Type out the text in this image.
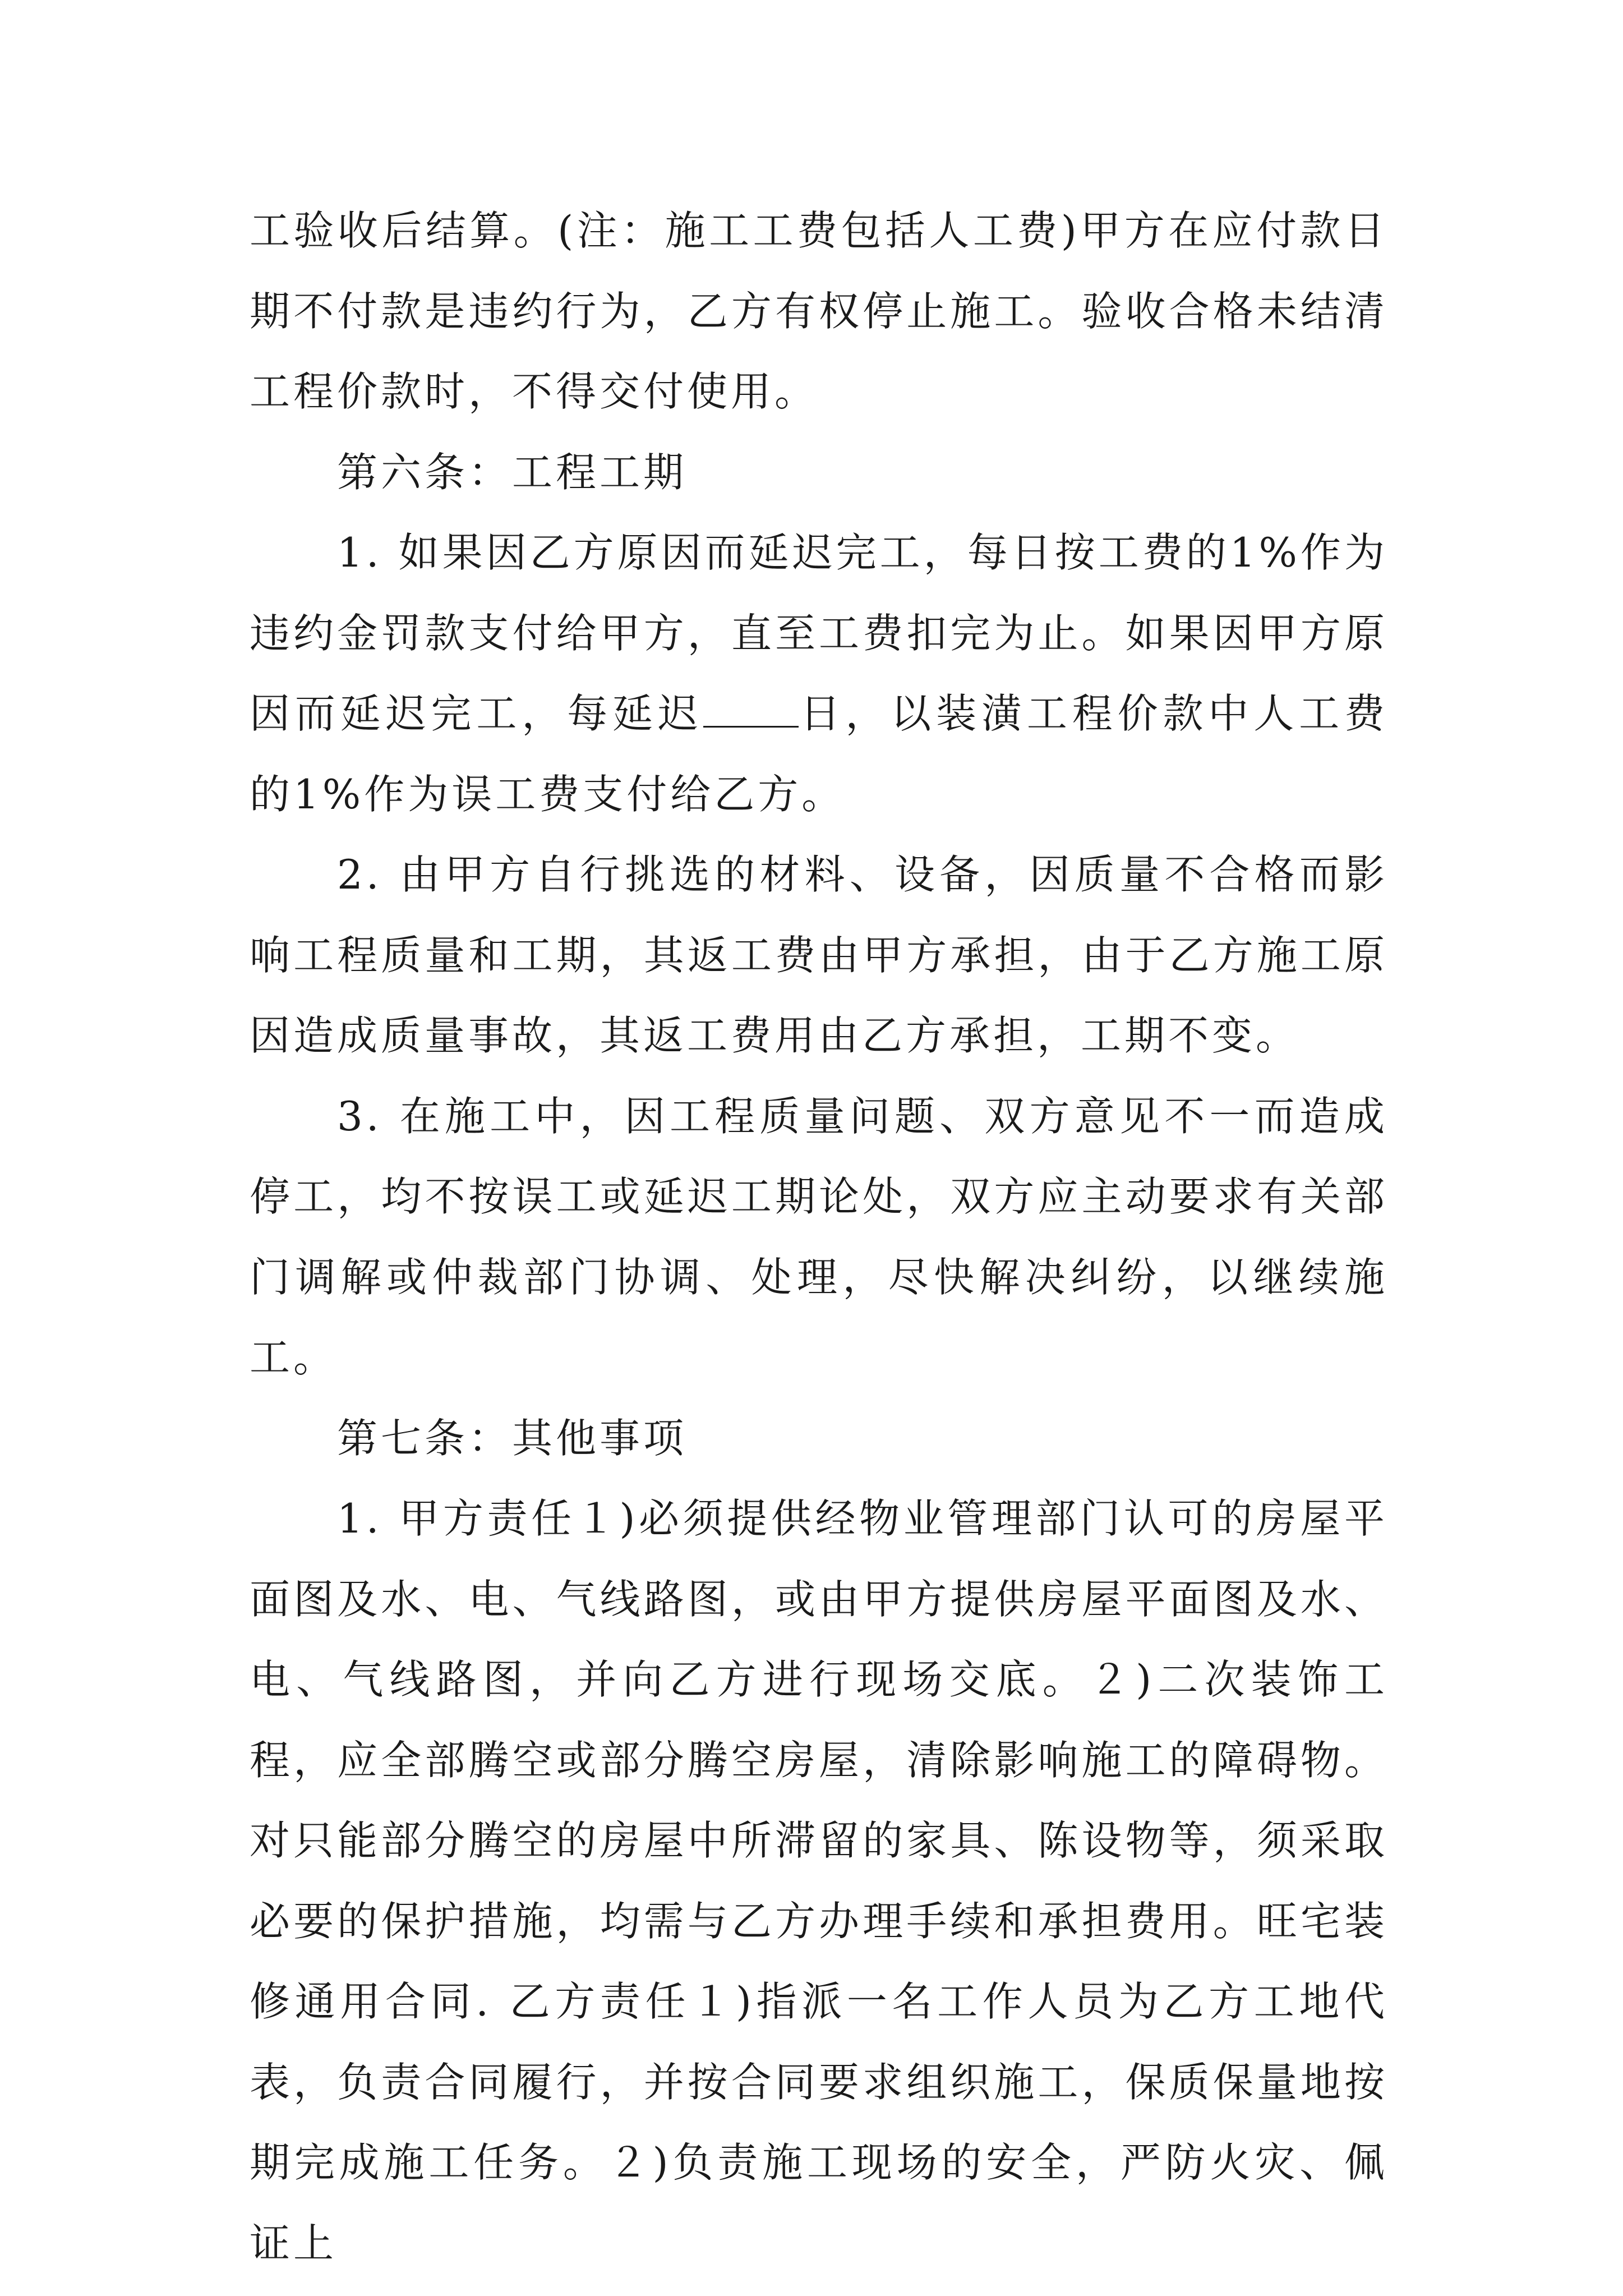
工验收后结算。(注：施工工费包括人工费)甲方在应付款日期不付款是违约行为，乙方有权停止施工。验收合格未结清工程价款时，不得交付使用。

第六条：工程工期

1. 如果因乙方原因而延迟完工，每日按工费的1%作为违约金罚款支付给甲方，直至工费扣完为止。如果因甲方原因而延迟完工，每延迟 日，以装潢工程价款中人工费的1%作为误工费支付给乙方。

2. 由甲方自行挑选的材料、设备，因质量不合格而影响工程质量和工期，其返工费由甲方承担，由于乙方施工原因造成质量事故，其返工费用由乙方承担，工期不变。

3. 在施工中，因工程质量问题、双方意见不一而造成停工，均不按误工或延迟工期论处，双方应主动要求有关部门调解或仲裁部门协调、处理，尽快解决纠纷，以继续施工。

第七条：其他事项

1. 甲方责任１)必须提供经物业管理部门认可的房屋平面图及水、电、气线路图，或由甲方提供房屋平面图及水、电、气线路图，并向乙方进行现场交底。２)二次装饰工程，应全部腾空或部分腾空房屋，清除影响施工的障碍物。对只能部分腾空的房屋中所滞留的家具、陈设物等，须采取必要的保护措施，均需与乙方办理手续和承担费用。旺宅装修通用合同. 乙方责任１)指派一名工作人员为乙方工地代表，负责合同履行，并按合同要求组织施工，保质保量地按期完成施工任务。２)负责施工现场的安全，严防火灾、佩证上
